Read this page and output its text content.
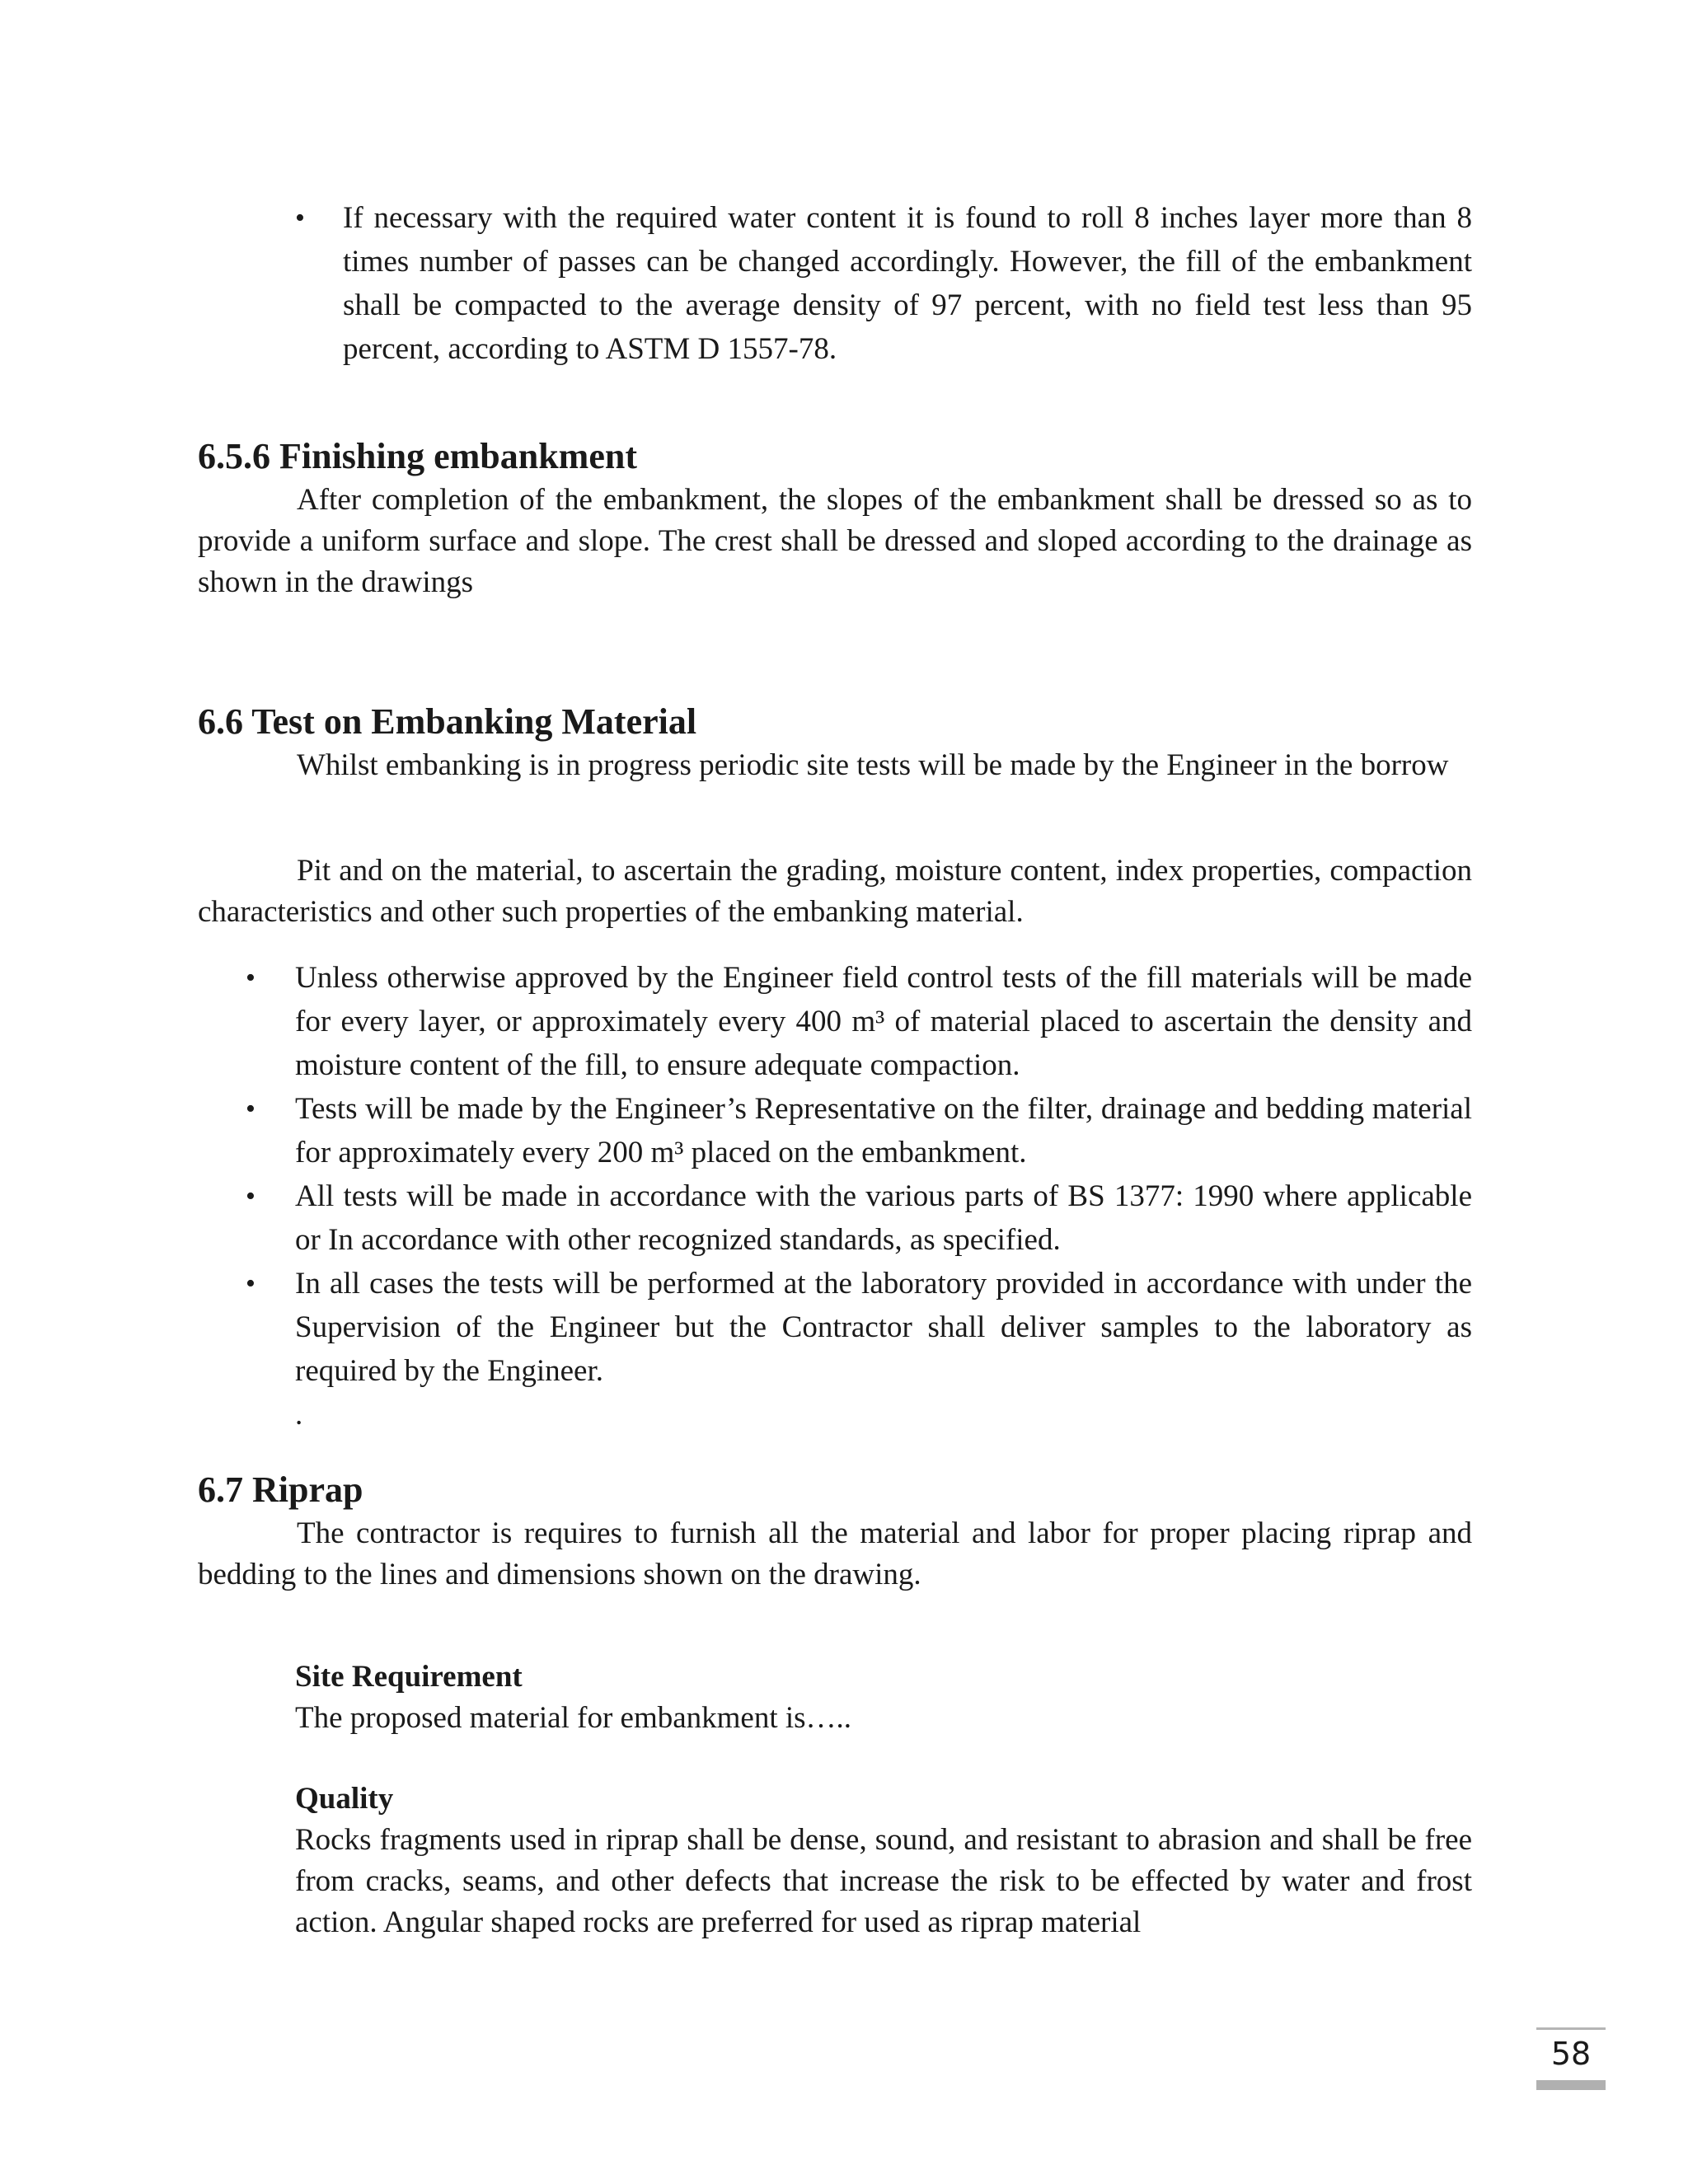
• If necessary with the required water content it is found to roll 8 inches layer more than 8 times number of passes can be changed accordingly. However, the fill of the embankment shall be compacted to the average density of 97 percent, with no field test less than 95 percent, according to ASTM D 1557-78.
6.5.6 Finishing embankment

After completion of the embankment, the slopes of the embankment shall be dressed so as to provide a uniform surface and slope. The crest shall be dressed and sloped according to the drainage as shown in the drawings

6.6 Test on Embanking Material

Whilst embanking is in progress periodic site tests will be made by the Engineer in the borrow

Pit and on the material, to ascertain the grading, moisture content, index properties, compaction characteristics and other such properties of the embanking material.

• Unless otherwise approved by the Engineer field control tests of the fill materials will be made for every layer, or approximately every 400 m³ of material placed to ascertain the density and moisture content of the fill, to ensure adequate compaction.
• Tests will be made by the Engineer’s Representative on the filter, drainage and bedding material for approximately every 200 m³ placed on the embankment.
• All tests will be made in accordance with the various parts of BS 1377: 1990 where applicable or In accordance with other recognized standards, as specified.
• In all cases the tests will be performed at the laboratory provided in accordance with under the Supervision of the Engineer but the Contractor shall deliver samples to the laboratory as required by the Engineer.
.
6.7 Riprap

The contractor is requires to furnish all the material and labor for proper placing riprap and bedding to the lines and dimensions shown on the drawing.

Site Requirement

The proposed material for embankment is…..

Quality

Rocks fragments used in riprap shall be dense, sound, and resistant to abrasion and shall be free from cracks, seams, and other defects that increase the risk to be effected by water and frost action. Angular shaped rocks are preferred for used as riprap material

58
